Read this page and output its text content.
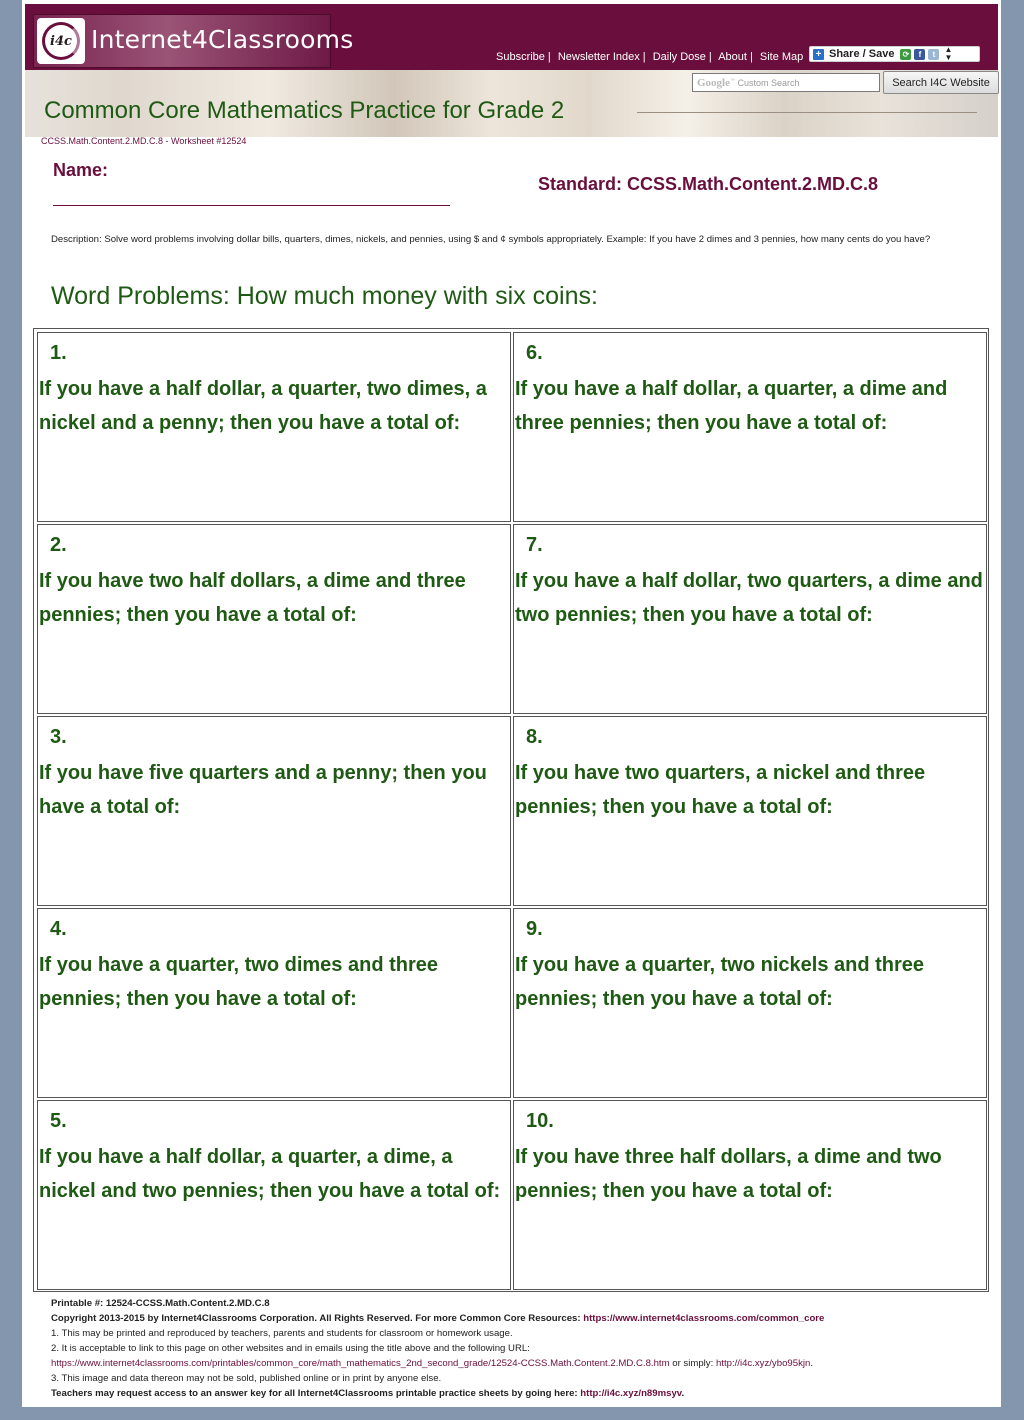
i4c Internet4Classrooms
Subscribe | Newsletter Index | Daily Dose | About | Site Map + Share / Save ⟳	f	t	▲
▼
Google™ Custom Search	Search I4C Website
Common Core Mathematics Practice for Grade 2
CCSS.Math.Content.2.MD.C.8 - Worksheet #12524
Name:
Standard: CCSS.Math.Content.2.MD.C.8
Description: Solve word problems involving dollar bills, quarters, dimes, nickels, and pennies, using $ and ¢ symbols appropriately. Example: If you have 2 dimes and 3 pennies, how many cents do you have?
Word Problems: How much money with six coins:
1.
If you have a half dollar, a quarter, two dimes, a nickel and a penny; then you have a total of:
6.
If you have a half dollar, a quarter, a dime and three pennies; then you have a total of:
2.
If you have two half dollars, a dime and three pennies; then you have a total of:
7.
If you have a half dollar, two quarters, a dime and two pennies; then you have a total of:
3.
If you have five quarters and a penny; then you have a total of:
8.
If you have two quarters, a nickel and three pennies; then you have a total of:
4.
If you have a quarter, two dimes and three pennies; then you have a total of:
9.
If you have a quarter, two nickels and three pennies; then you have a total of:
5.
If you have a half dollar, a quarter, a dime, a nickel and two pennies; then you have a total of:
10.
If you have three half dollars, a dime and two pennies; then you have a total of:
Printable #: 12524-CCSS.Math.Content.2.MD.C.8
Copyright 2013-2015 by Internet4Classrooms Corporation. All Rights Reserved. For more Common Core Resources: https://www.internet4classrooms.com/common_core
1. This may be printed and reproduced by teachers, parents and students for classroom or homework usage.
2. It is acceptable to link to this page on other websites and in emails using the title above and the following URL:
https://www.internet4classrooms.com/printables/common_core/math_mathematics_2nd_second_grade/12524-CCSS.Math.Content.2.MD.C.8.htm or simply: http://i4c.xyz/ybo95kjn.
3. This image and data thereon may not be sold, published online or in print by anyone else.
Teachers may request access to an answer key for all Internet4Classrooms printable practice sheets by going here: http://i4c.xyz/n89msyv.
